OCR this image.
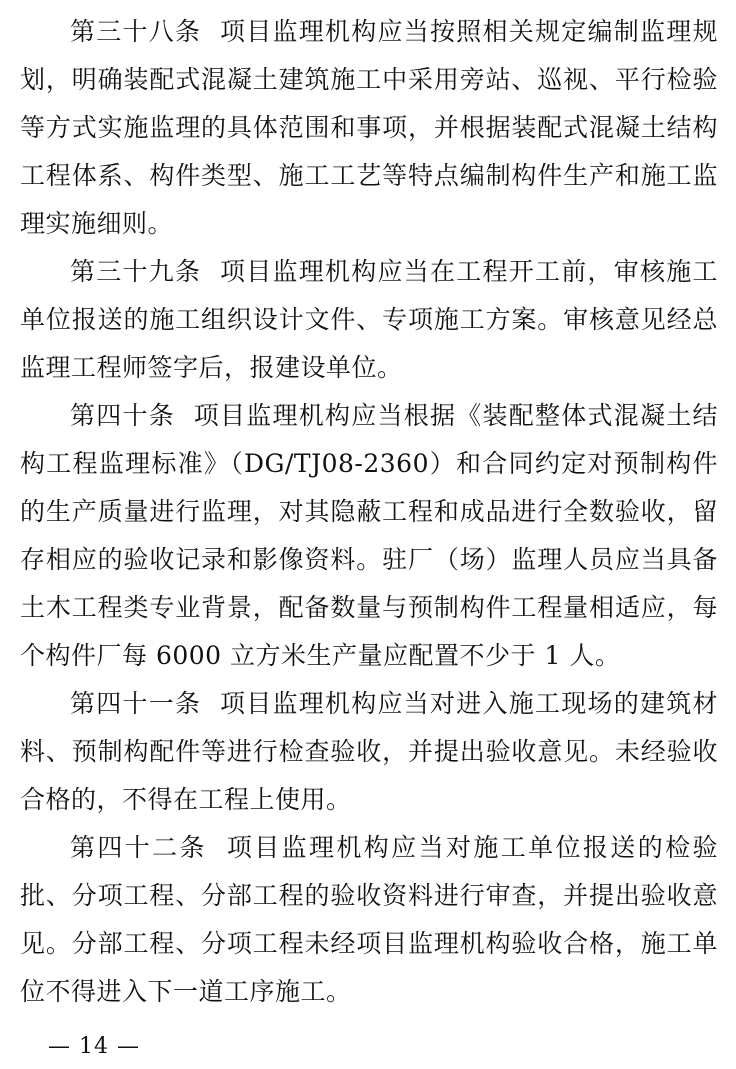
第三十八条 项目监理机构应当按照相关规定编制监理规划，明确装配式混凝土建筑施工中采用旁站、巡视、平行检验等方式实施监理的具体范围和事项，并根据装配式混凝土结构工程体系、构件类型、施工工艺等特点编制构件生产和施工监理实施细则。

第三十九条 项目监理机构应当在工程开工前，审核施工单位报送的施工组织设计文件、专项施工方案。审核意见经总监理工程师签字后，报建设单位。

第四十条 项目监理机构应当根据《装配整体式混凝土结构工程监理标准》（DG/TJ08-2360）和合同约定对预制构件的生产质量进行监理，对其隐蔽工程和成品进行全数验收，留存相应的验收记录和影像资料。驻厂（场）监理人员应当具备土木工程类专业背景，配备数量与预制构件工程量相适应，每个构件厂每 6000 立方米生产量应配置不少于 1 人。

第四十一条 项目监理机构应当对进入施工现场的建筑材料、预制构配件等进行检查验收，并提出验收意见。未经验收合格的，不得在工程上使用。

第四十二条 项目监理机构应当对施工单位报送的检验批、分项工程、分部工程的验收资料进行审查，并提出验收意见。分部工程、分项工程未经项目监理机构验收合格，施工单位不得进入下一道工序施工。

— 14 —
